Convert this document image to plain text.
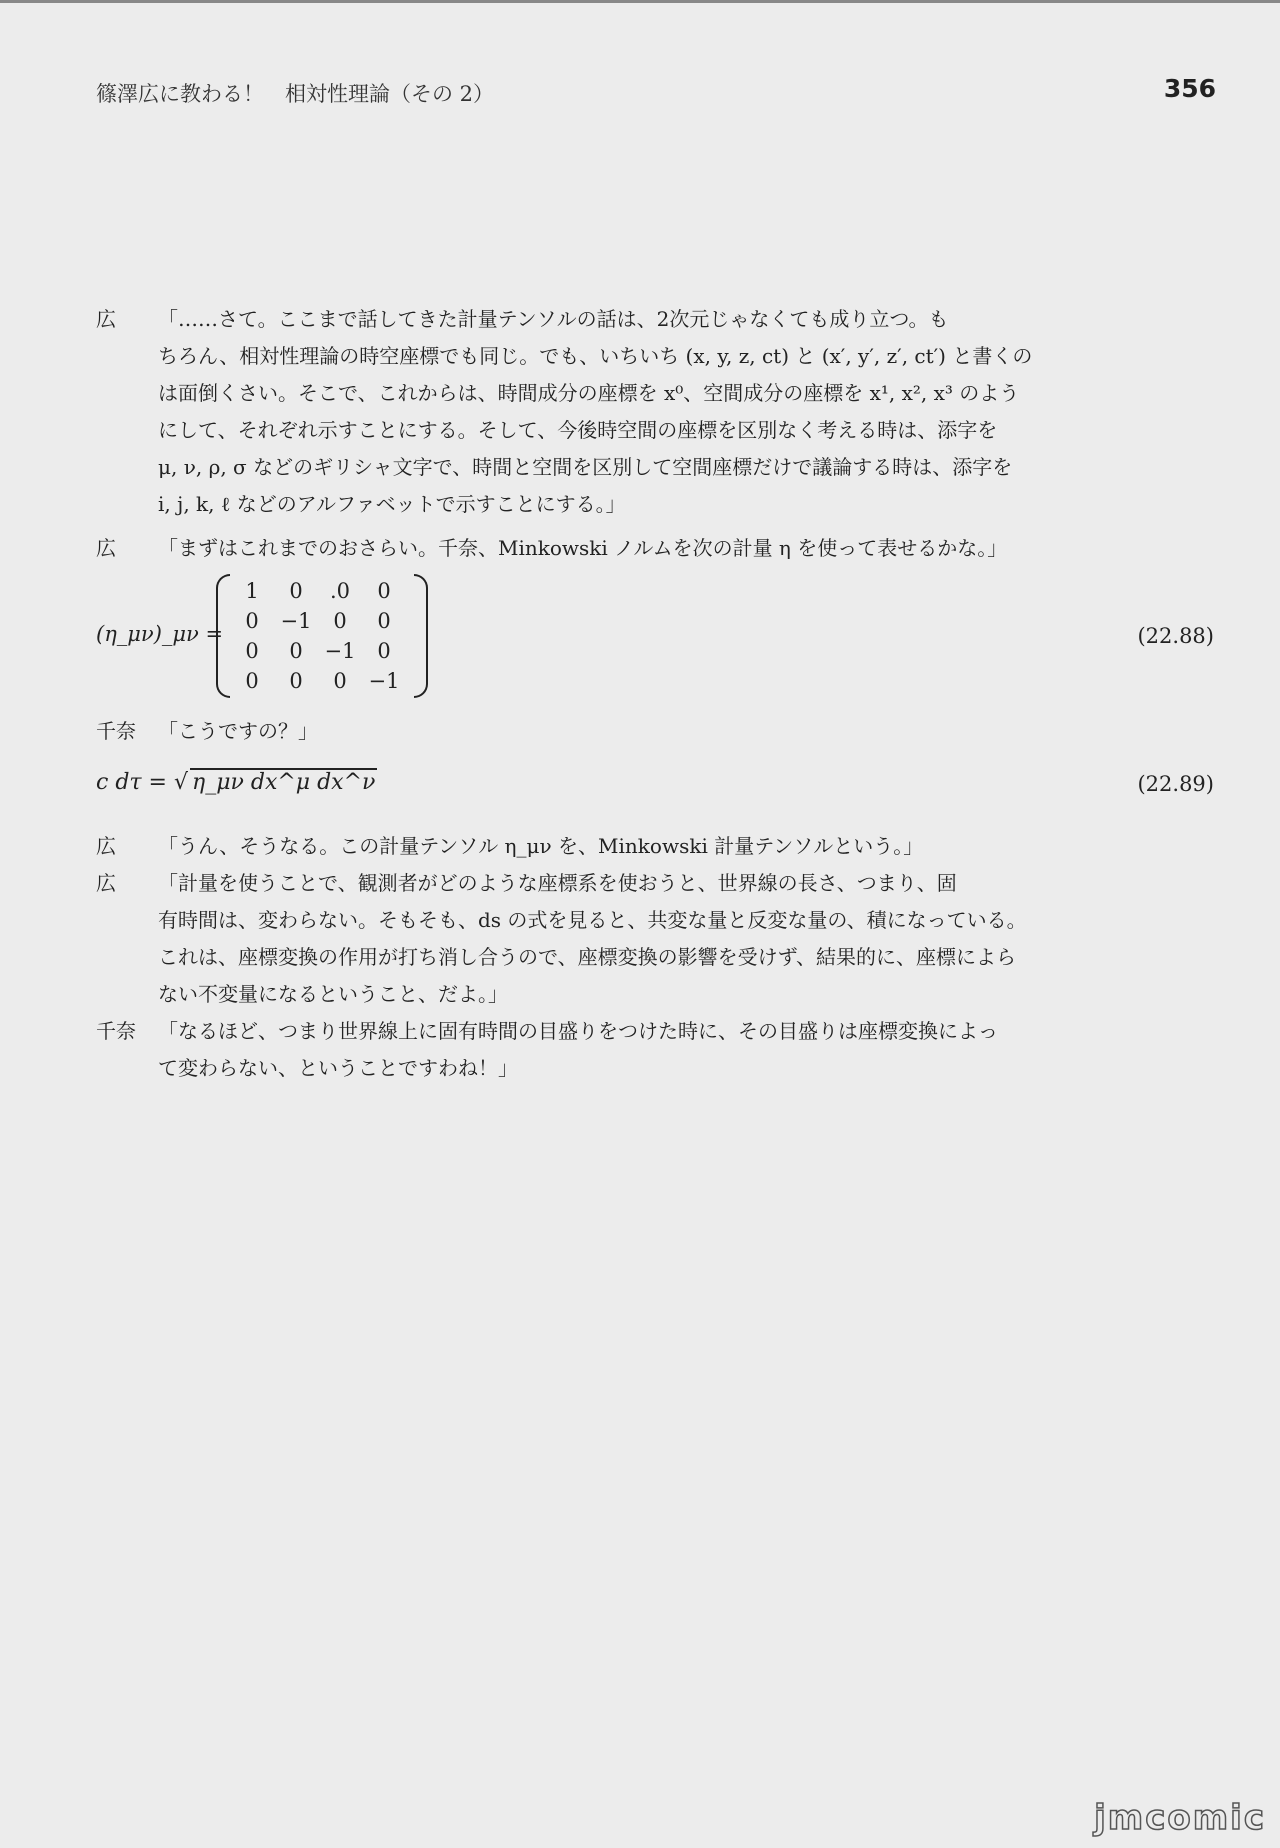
篠澤広に教わる！　相対性理論（その 2）	356
広 「……さて。ここまで話してきた計量テンソルの話は、2次元じゃなくても成り立つ。も
ちろん、相対性理論の時空座標でも同じ。でも、いちいち (x, y, z, ct) と (x′, y′, z′, ct′) と書くの
は面倒くさい。そこで、これからは、時間成分の座標を x⁰、空間成分の座標を x¹, x², x³ のよう
にして、それぞれ示すことにする。そして、今後時空間の座標を区別なく考える時は、添字を
μ, ν, ρ, σ などのギリシャ文字で、時間と空間を区別して空間座標だけで議論する時は、添字を
i, j, k, ℓ などのアルファベットで示すことにする。」
広 「まずはこれまでのおさらい。千奈、Minkowski ノルムを次の計量 η を使って表せるかな。」
(η_μν)_μν =
1	0	.0	0
0	−1	0	0
0	0	−1	0
0	0	0	−1
(22.88)
千奈 「こうですの？」
c dτ = √ η_μν dx^μ dx^ν	(22.89)
広 「うん、そうなる。この計量テンソル η_μν を、Minkowski 計量テンソルという。」
広 「計量を使うことで、観測者がどのような座標系を使おうと、世界線の長さ、つまり、固
有時間は、変わらない。そもそも、ds の式を見ると、共変な量と反変な量の、積になっている。
これは、座標変換の作用が打ち消し合うので、座標変換の影響を受けず、結果的に、座標によら
ない不変量になるということ、だよ。」
千奈 「なるほど、つまり世界線上に固有時間の目盛りをつけた時に、その目盛りは座標変換によっ
て変わらない、ということですわね！」
jmcomic
